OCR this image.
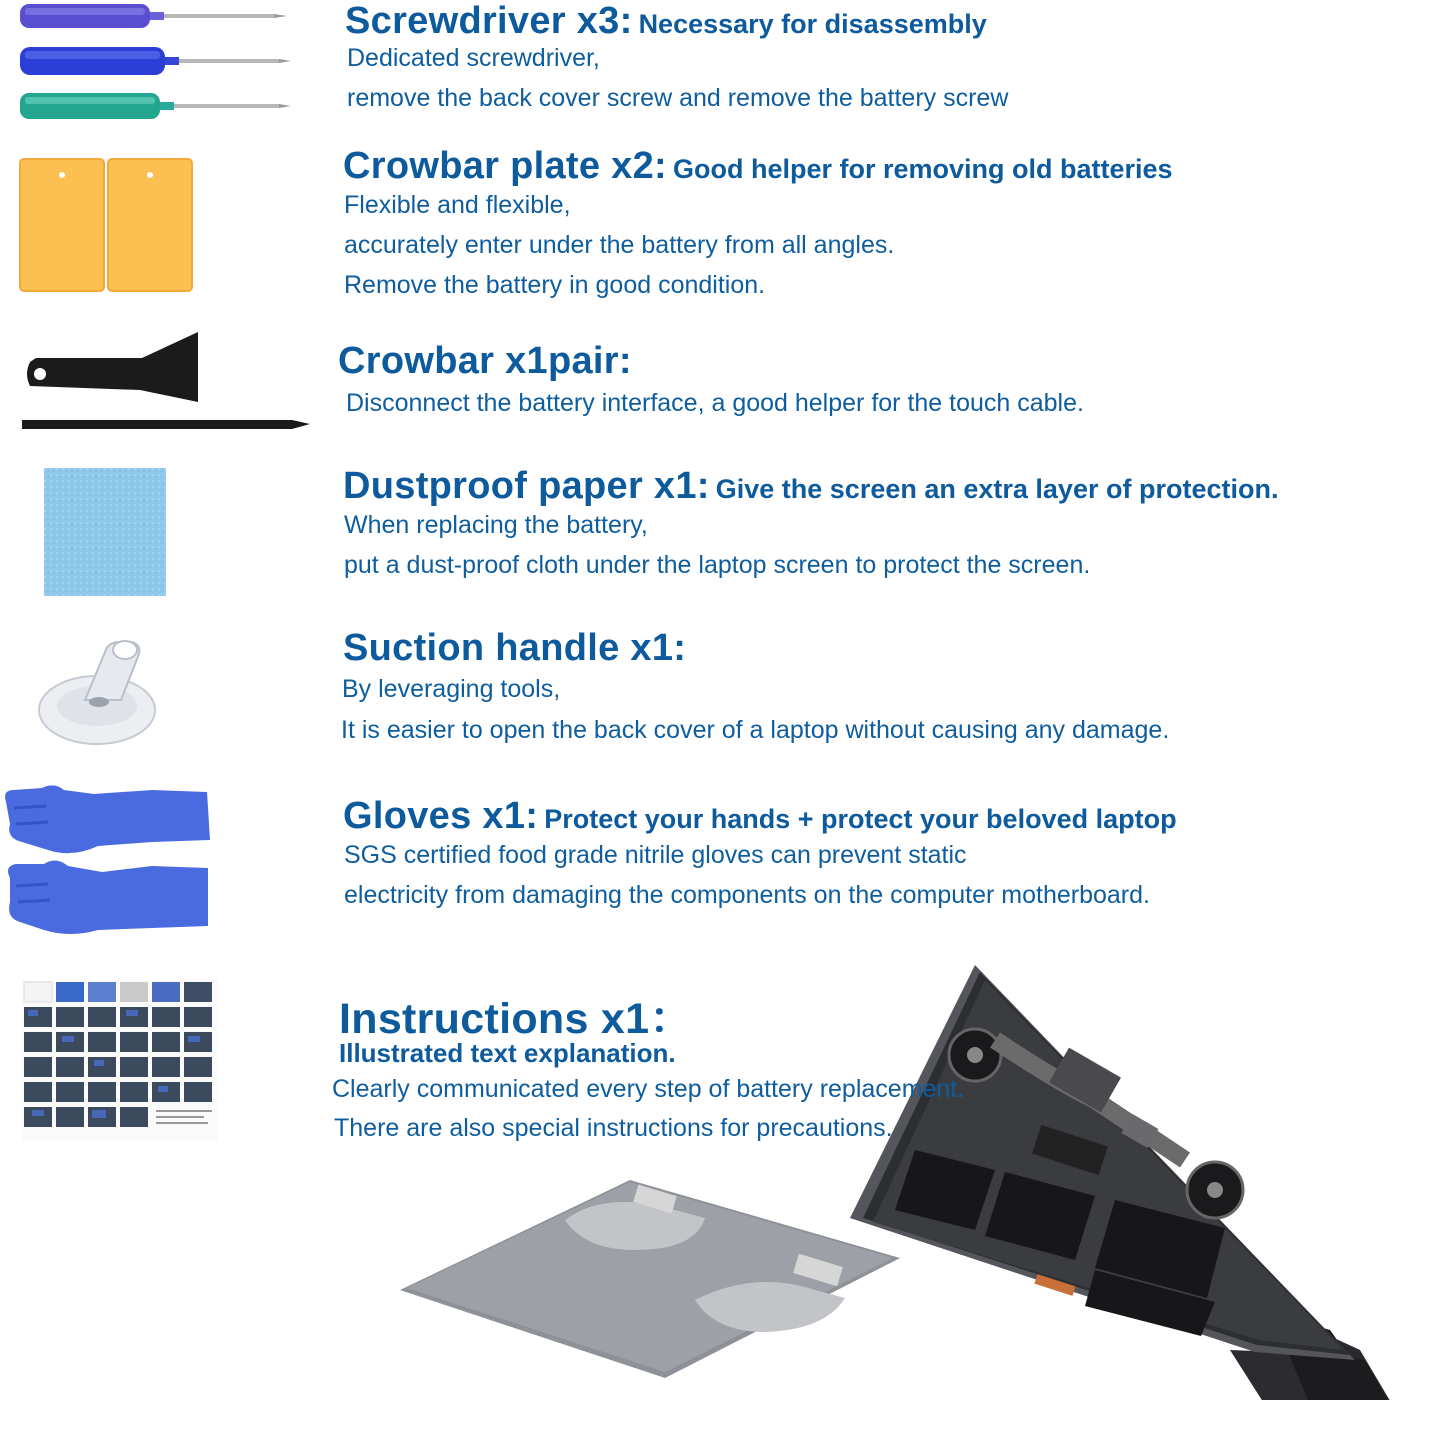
Screwdriver x3: Necessary for disassembly
Dedicated screwdriver,
remove the back cover screw and remove the battery screw
Crowbar plate x2: Good helper for removing old batteries
Flexible and flexible,
accurately enter under the battery from all angles.
Remove the battery in good condition.
Crowbar x1pair:
Disconnect the battery interface, a good helper for the touch cable.
Dustproof paper x1: Give the screen an extra layer of protection.
When replacing the battery,
put a dust-proof cloth under the laptop screen to protect the screen.
Suction handle x1:
By leveraging tools,
It is easier to open the back cover of a laptop without causing any damage.
Gloves x1: Protect your hands + protect your beloved laptop
SGS certified food grade nitrile gloves can prevent static
electricity from damaging the components on the computer motherboard.
Instructions x1：
Illustrated text explanation.
Clearly communicated every step of battery replacement.
There are also special instructions for precautions.
